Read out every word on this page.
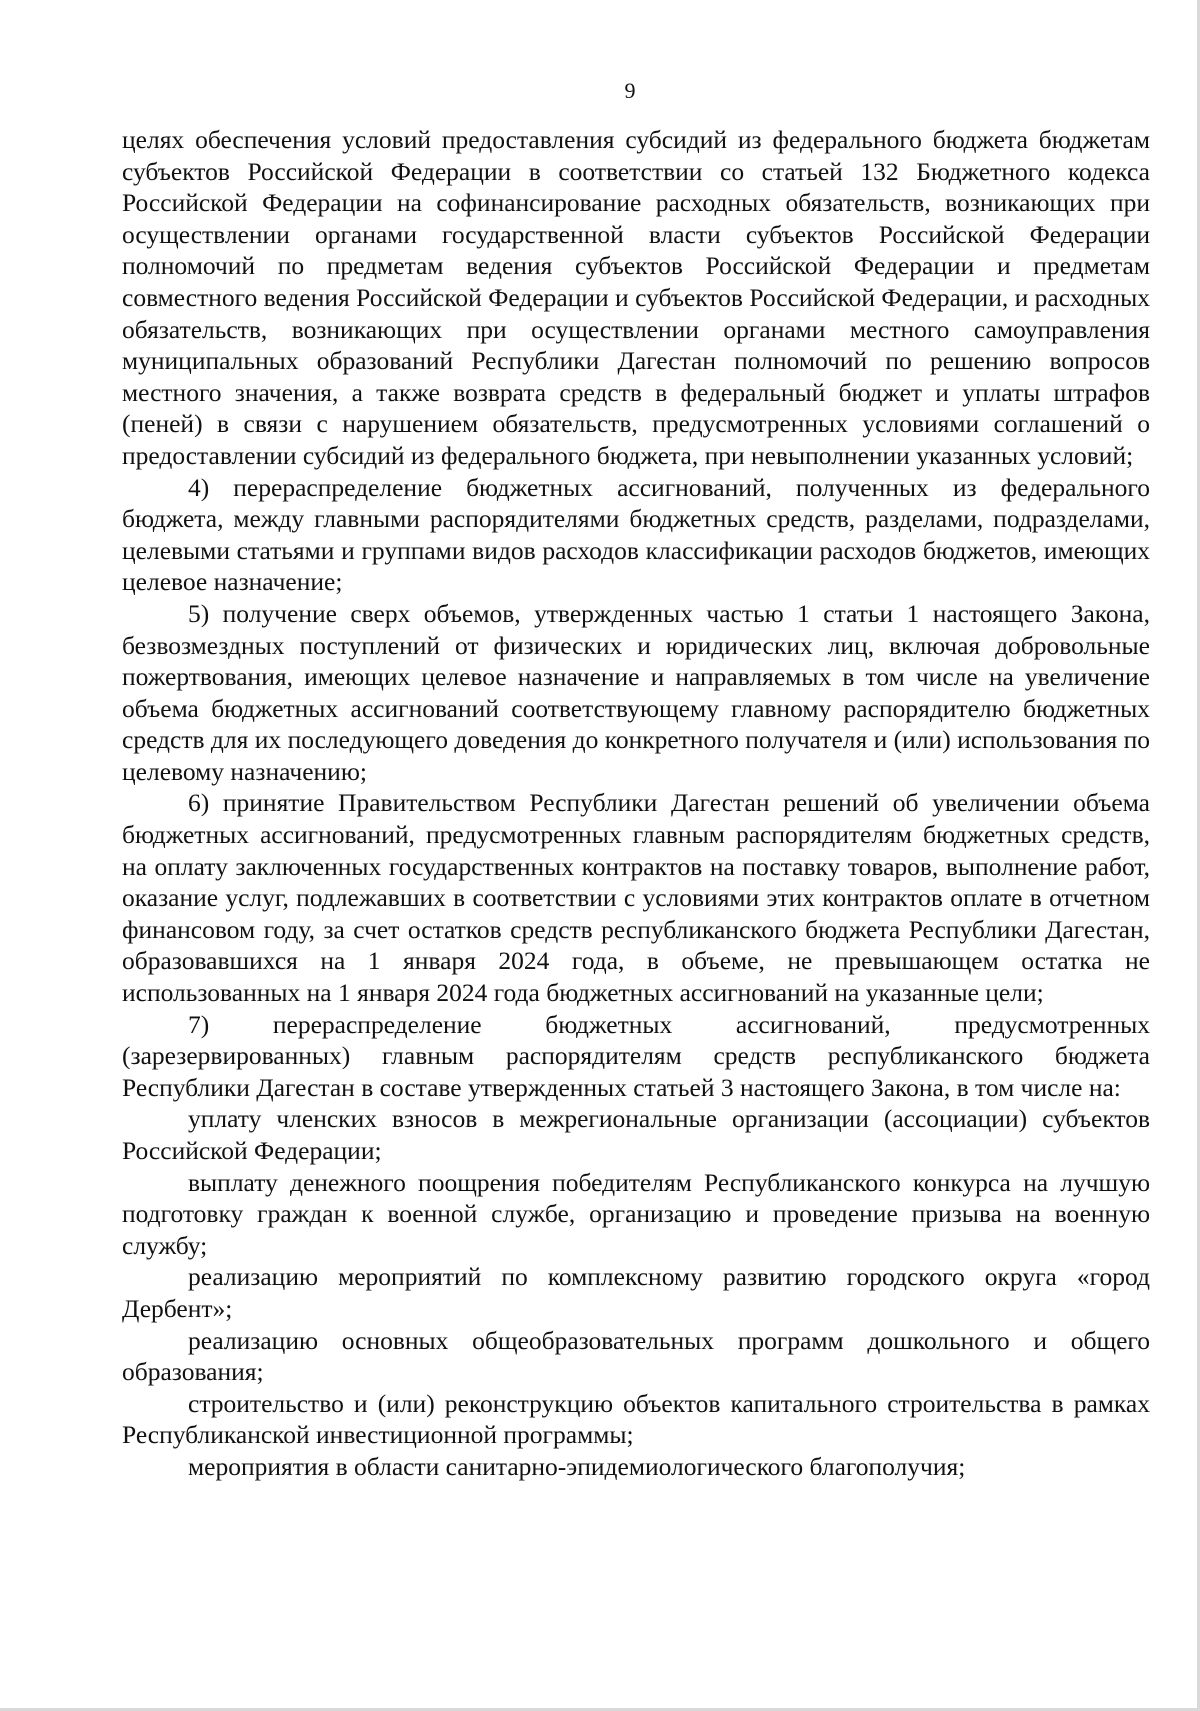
9

целях обеспечения условий предоставления субсидий из федерального бюджета бюджетам субъектов Российской Федерации в соответствии со статьей 132 Бюджетного кодекса Российской Федерации на софинансирование расходных обязательств, возникающих при осуществлении органами государственной власти субъектов Российской Федерации полномочий по предметам ведения субъектов Российской Федерации и предметам совместного ведения Российской Федерации и субъектов Российской Федерации, и расходных обязательств, возникающих при осуществлении органами местного самоуправления муниципальных образований Республики Дагестан полномочий по решению вопросов местного значения, а также возврата средств в федеральный бюджет и уплаты штрафов (пеней) в связи с нарушением обязательств, предусмотренных условиями соглашений о предоставлении субсидий из федерального бюджета, при невыполнении указанных условий;

4) перераспределение бюджетных ассигнований, полученных из федерального бюджета, между главными распорядителями бюджетных средств, разделами, подразделами, целевыми статьями и группами видов расходов классификации расходов бюджетов, имеющих целевое назначение;

5) получение сверх объемов, утвержденных частью 1 статьи 1 настоящего Закона, безвозмездных поступлений от физических и юридических лиц, включая добровольные пожертвования, имеющих целевое назначение и направляемых в том числе на увеличение объема бюджетных ассигнований соответствующему главному распорядителю бюджетных средств для их последующего доведения до конкретного получателя и (или) использования по целевому назначению;

6) принятие Правительством Республики Дагестан решений об увеличении объема бюджетных ассигнований, предусмотренных главным распорядителям бюджетных средств, на оплату заключенных государственных контрактов на поставку товаров, выполнение работ, оказание услуг, подлежавших в соответствии с условиями этих контрактов оплате в отчетном финансовом году, за счет остатков средств республиканского бюджета Республики Дагестан, образовавшихся на 1 января 2024 года, в объеме, не превышающем остатка не использованных на 1 января 2024 года бюджетных ассигнований на указанные цели;

7) перераспределение бюджетных ассигнований, предусмотренных (зарезервированных) главным распорядителям средств республиканского бюджета Республики Дагестан в составе утвержденных статьей 3 настоящего Закона, в том числе на:

уплату членских взносов в межрегиональные организации (ассоциации) субъектов Российской Федерации;

выплату денежного поощрения победителям Республиканского конкурса на лучшую подготовку граждан к военной службе, организацию и проведение призыва на военную службу;

реализацию мероприятий по комплексному развитию городского округа «город Дербент»;

реализацию основных общеобразовательных программ дошкольного и общего образования;

строительство и (или) реконструкцию объектов капитального строительства в рамках Республиканской инвестиционной программы;

мероприятия в области санитарно-эпидемиологического благополучия;
